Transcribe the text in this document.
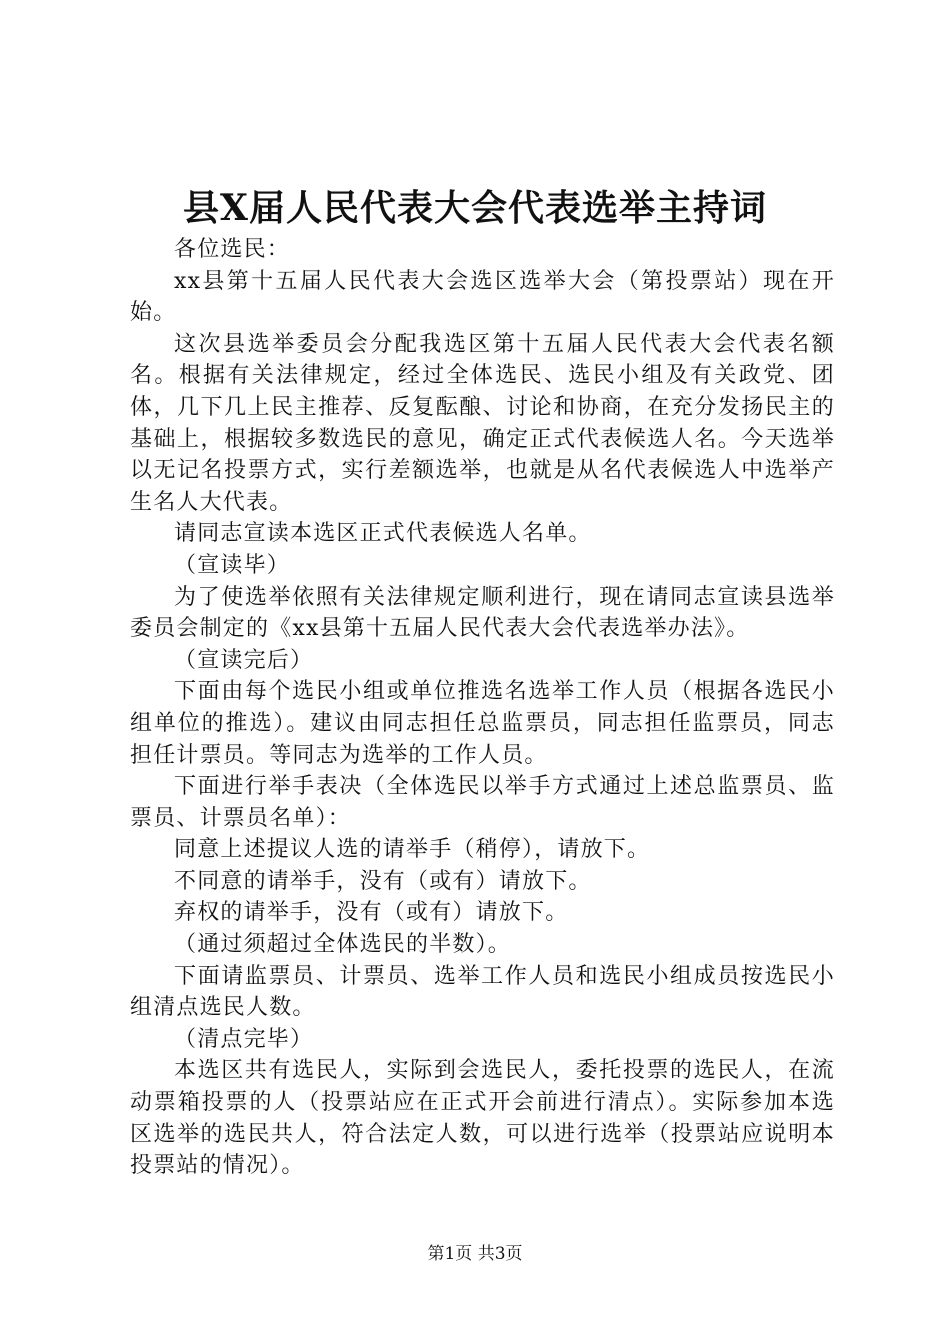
县X届人民代表大会代表选举主持词

各位选民：

xx县第十五届人民代表大会选区选举大会（第投票站）现在开始。

这次县选举委员会分配我选区第十五届人民代表大会代表名额名。根据有关法律规定，经过全体选民、选民小组及有关政党、团体，几下几上民主推荐、反复酝酿、讨论和协商，在充分发扬民主的基础上，根据较多数选民的意见，确定正式代表候选人名。今天选举以无记名投票方式，实行差额选举，也就是从名代表候选人中选举产生名人大代表。

请同志宣读本选区正式代表候选人名单。

（宣读毕）

为了使选举依照有关法律规定顺利进行，现在请同志宣读县选举委员会制定的《xx县第十五届人民代表大会代表选举办法》。

（宣读完后）

下面由每个选民小组或单位推选名选举工作人员（根据各选民小组单位的推选）。建议由同志担任总监票员，同志担任监票员，同志担任计票员。等同志为选举的工作人员。

下面进行举手表决（全体选民以举手方式通过上述总监票员、监票员、计票员名单）：

同意上述提议人选的请举手（稍停），请放下。

不同意的请举手，没有（或有）请放下。

弃权的请举手，没有（或有）请放下。

（通过须超过全体选民的半数）。

下面请监票员、计票员、选举工作人员和选民小组成员按选民小组清点选民人数。

（清点完毕）

本选区共有选民人，实际到会选民人，委托投票的选民人，在流动票箱投票的人（投票站应在正式开会前进行清点）。实际参加本选区选举的选民共人，符合法定人数，可以进行选举（投票站应说明本投票站的情况）。

第1页 共3页
